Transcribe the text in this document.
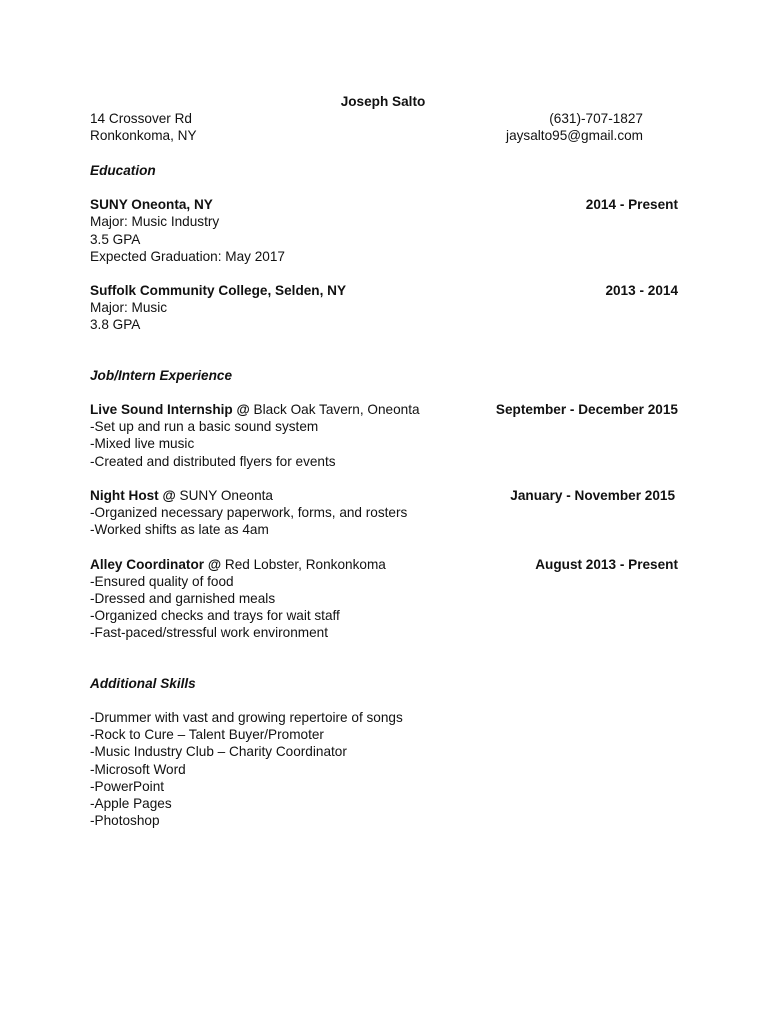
Joseph Salto
14 Crossover Rd	(631)-707-1827
Ronkonkoma, NY	jaysalto95@gmail.com
Education
SUNY Oneonta, NY	2014 - Present
Major: Music Industry
3.5 GPA
Expected Graduation: May 2017
Suffolk Community College, Selden, NY	2013 - 2014
Major: Music
3.8 GPA
Job/Intern Experience
Live Sound Internship @ Black Oak Tavern, Oneonta	September - December 2015
-Set up and run a basic sound system
-Mixed live music
-Created and distributed flyers for events
Night Host @ SUNY Oneonta	January - November 2015
-Organized necessary paperwork, forms, and rosters
-Worked shifts as late as 4am
Alley Coordinator @ Red Lobster, Ronkonkoma	August 2013 - Present
-Ensured quality of food
-Dressed and garnished meals
-Organized checks and trays for wait staff
-Fast-paced/stressful work environment
Additional Skills
-Drummer with vast and growing repertoire of songs
-Rock to Cure – Talent Buyer/Promoter
-Music Industry Club – Charity Coordinator
-Microsoft Word
-PowerPoint
-Apple Pages
-Photoshop
